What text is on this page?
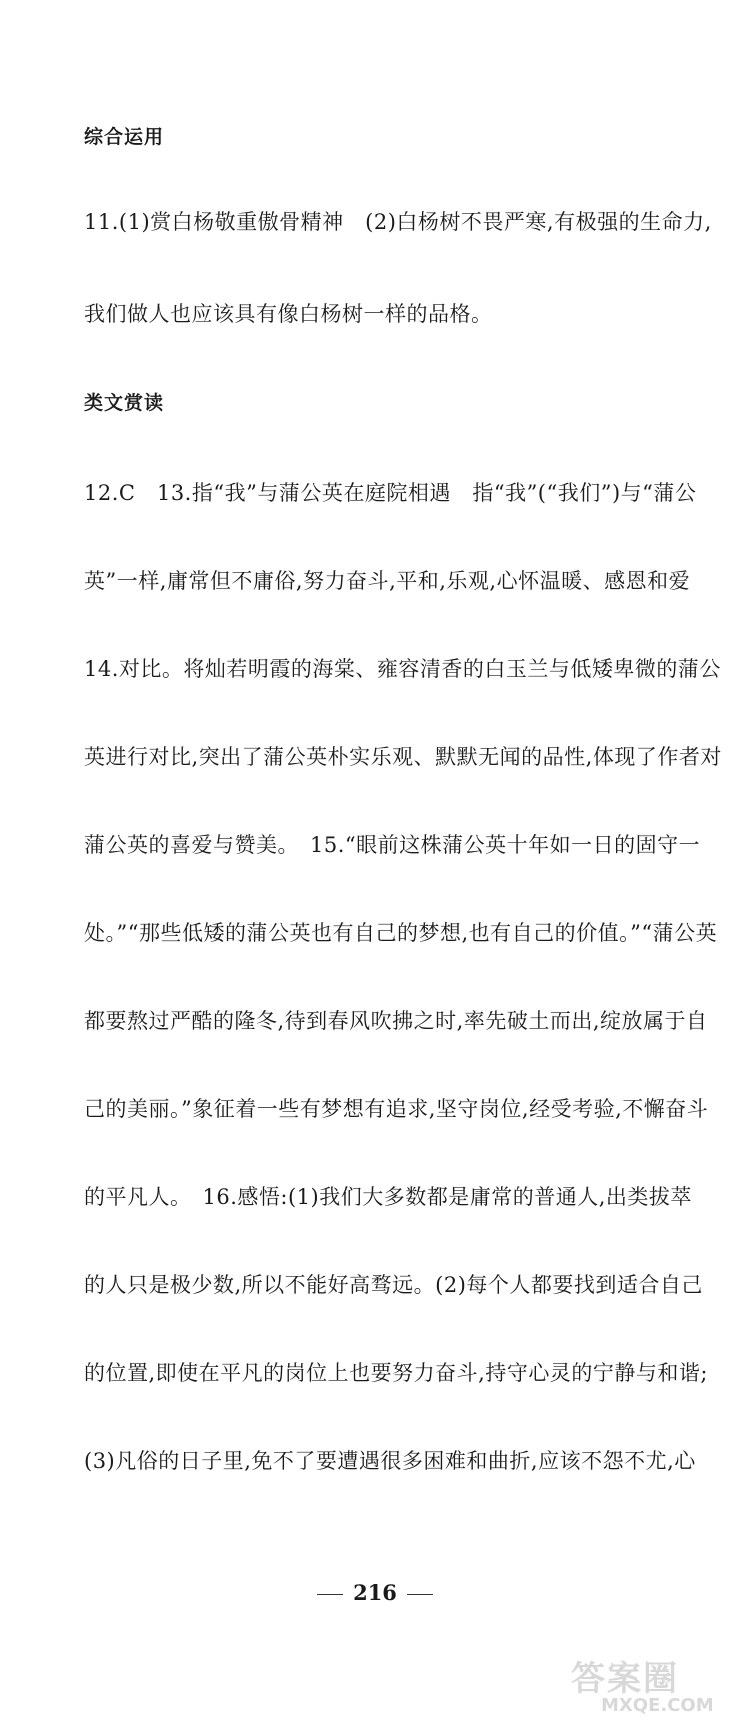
综合运用
11.(1)赏白杨敬重傲骨精神　(2)白杨树不畏严寒,有极强的生命力,
我们做人也应该具有像白杨树一样的品格。
类文赏读
12.C　13.指“我”与蒲公英在庭院相遇　指“我”(“我们”)与“蒲公
英”一样,庸常但不庸俗,努力奋斗,平和,乐观,心怀温暖、感恩和爱
14.对比。将灿若明霞的海棠、雍容清香的白玉兰与低矮卑微的蒲公
英进行对比,突出了蒲公英朴实乐观、默默无闻的品性,体现了作者对
蒲公英的喜爱与赞美。　15.“眼前这株蒲公英十年如一日的固守一
处。”“那些低矮的蒲公英也有自己的梦想,也有自己的价值。”“蒲公英
都要熬过严酷的隆冬,待到春风吹拂之时,率先破土而出,绽放属于自
己的美丽。”象征着一些有梦想有追求,坚守岗位,经受考验,不懈奋斗
的平凡人。　16.感悟:(1)我们大多数都是庸常的普通人,出类拔萃
的人只是极少数,所以不能好高骛远。(2)每个人都要找到适合自己
的位置,即使在平凡的岗位上也要努力奋斗,持守心灵的宁静与和谐;
(3)凡俗的日子里,免不了要遭遇很多困难和曲折,应该不怨不尤,心
216
答案圈
MXQE.COM
